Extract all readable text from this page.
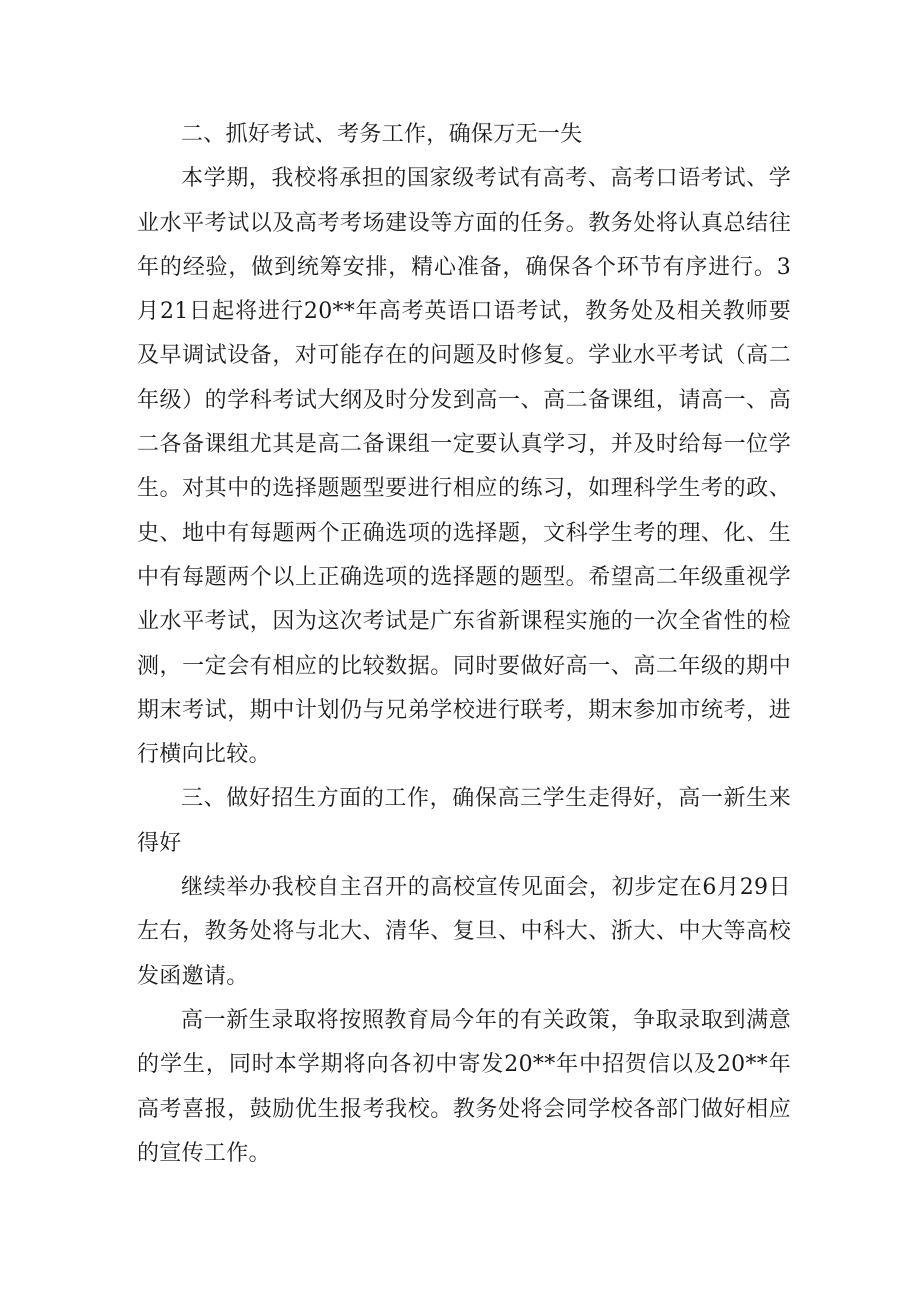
二、抓好考试、考务工作，确保万无一失

本学期，我校将承担的国家级考试有高考、高考口语考试、学业水平考试以及高考考场建设等方面的任务。教务处将认真总结往年的经验，做到统筹安排，精心准备，确保各个环节有序进行。3月21日起将进行20**年高考英语口语考试，教务处及相关教师要及早调试设备，对可能存在的问题及时修复。学业水平考试（高二年级）的学科考试大纲及时分发到高一、高二备课组，请高一、高二各备课组尤其是高二备课组一定要认真学习，并及时给每一位学生。对其中的选择题题型要进行相应的练习，如理科学生考的政、史、地中有每题两个正确选项的选择题，文科学生考的理、化、生中有每题两个以上正确选项的选择题的题型。希望高二年级重视学业水平考试，因为这次考试是广东省新课程实施的一次全省性的检测，一定会有相应的比较数据。同时要做好高一、高二年级的期中期末考试，期中计划仍与兄弟学校进行联考，期末参加市统考，进行横向比较。

三、做好招生方面的工作，确保高三学生走得好，高一新生来得好

继续举办我校自主召开的高校宣传见面会，初步定在6月29日左右，教务处将与北大、清华、复旦、中科大、浙大、中大等高校发函邀请。

高一新生录取将按照教育局今年的有关政策，争取录取到满意的学生，同时本学期将向各初中寄发20**年中招贺信以及20**年高考喜报，鼓励优生报考我校。教务处将会同学校各部门做好相应的宣传工作。
